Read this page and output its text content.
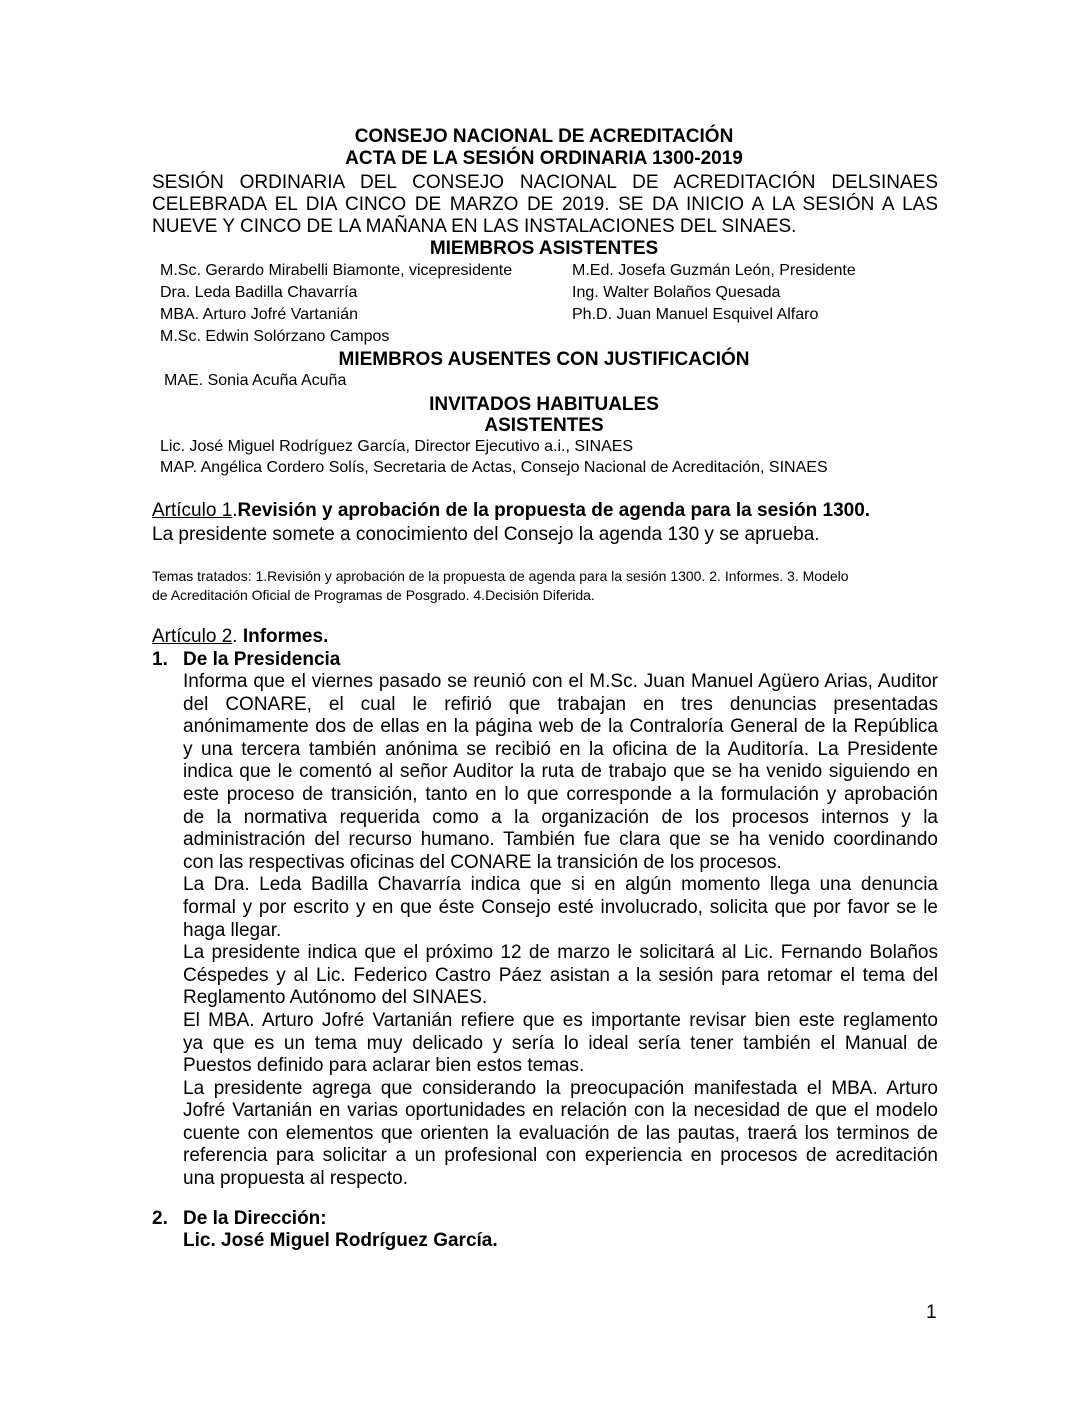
CONSEJO NACIONAL DE ACREDITACIÓN
ACTA DE LA SESIÓN ORDINARIA 1300-2019
SESIÓN ORDINARIA DEL CONSEJO NACIONAL DE ACREDITACIÓN DELSINAES
CELEBRADA EL DIA CINCO DE MARZO DE 2019. SE DA INICIO A LA SESIÓN A LAS
NUEVE Y CINCO DE LA MAÑANA EN LAS INSTALACIONES DEL SINAES.
MIEMBROS ASISTENTES
M.Sc. Gerardo Mirabelli Biamonte, vicepresidente
Dra. Leda Badilla Chavarría
MBA. Arturo Jofré Vartanián
M.Sc. Edwin Solórzano Campos
M.Ed. Josefa Guzmán León, Presidente
Ing. Walter Bolaños Quesada
Ph.D. Juan Manuel Esquivel Alfaro
MIEMBROS AUSENTES CON JUSTIFICACIÓN
MAE. Sonia Acuña Acuña
INVITADOS HABITUALES
ASISTENTES
Lic. José Miguel Rodríguez García, Director Ejecutivo a.i., SINAES
MAP. Angélica Cordero Solís, Secretaria de Actas, Consejo Nacional de Acreditación, SINAES
Artículo 1.Revisión y aprobación de la propuesta de agenda para la sesión 1300.
La presidente somete a conocimiento del Consejo la agenda 130 y se aprueba.
Temas tratados: 1.Revisión y aprobación de la propuesta de agenda para la sesión 1300. 2. Informes. 3. Modelo
de Acreditación Oficial de Programas de Posgrado. 4.Decisión Diferida.
Artículo 2. Informes.
1. De la Presidencia
Informa que el viernes pasado se reunió con el M.Sc. Juan Manuel Agüero Arias, Auditor
del CONARE, el cual le refirió que trabajan en tres denuncias presentadas
anónimamente dos de ellas en la página web de la Contraloría General de la República
y una tercera también anónima se recibió en la oficina de la Auditoría. La Presidente
indica que le comentó al señor Auditor la ruta de trabajo que se ha venido siguiendo en
este proceso de transición, tanto en lo que corresponde a la formulación y aprobación
de la normativa requerida como a la organización de los procesos internos y la
administración del recurso humano. También fue clara que se ha venido coordinando
con las respectivas oficinas del CONARE la transición de los procesos.
La Dra. Leda Badilla Chavarría indica que si en algún momento llega una denuncia
formal y por escrito y en que éste Consejo esté involucrado, solicita que por favor se le
haga llegar.
La presidente indica que el próximo 12 de marzo le solicitará al Lic. Fernando Bolaños
Céspedes y al Lic. Federico Castro Páez asistan a la sesión para retomar el tema del
Reglamento Autónomo del SINAES.
El MBA. Arturo Jofré Vartanián refiere que es importante revisar bien este reglamento
ya que es un tema muy delicado y sería lo ideal sería tener también el Manual de
Puestos definido para aclarar bien estos temas.
La presidente agrega que considerando la preocupación manifestada el MBA. Arturo
Jofré Vartanián en varias oportunidades en relación con la necesidad de que el modelo
cuente con elementos que orienten la evaluación de las pautas, traerá los terminos de
referencia para solicitar a un profesional con experiencia en procesos de acreditación
una propuesta al respecto.
2. De la Dirección:
Lic. José Miguel Rodríguez García.
1
